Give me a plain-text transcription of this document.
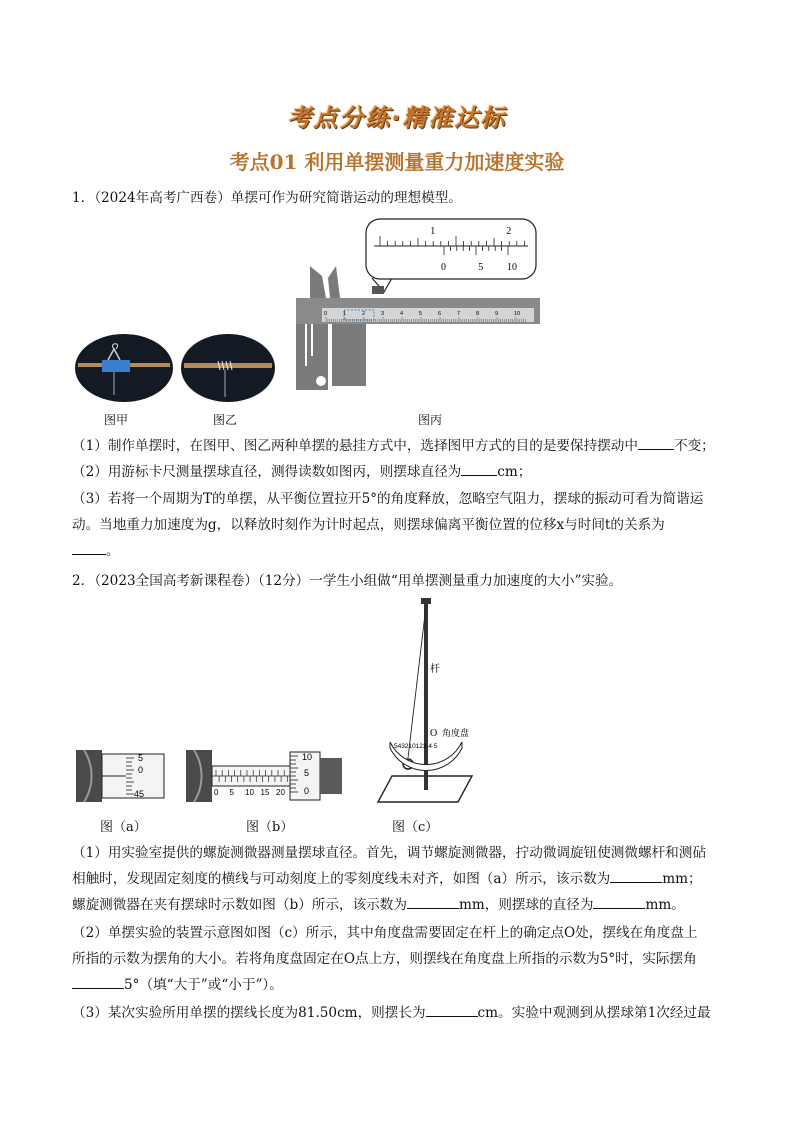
考点分练·精准达标
考点01 利用单摆测量重力加速度实验
1．（2024年高考广西卷）单摆可作为研究简谐运动的理想模型。
图甲	图乙
1	2
0	5 10
0	1	2	3	4	5	6	7	8	9	10
图丙
（1）制作单摆时，在图甲、图乙两种单摆的悬挂方式中，选择图甲方式的目的是要保持摆动中	不变；
（2）用游标卡尺测量摆球直径，测得读数如图丙，则摆球直径为	cm；
（3）若将一个周期为T的单摆，从平衡位置拉开5°的角度释放，忽略空气阻力，摆球的振动可看为简谐运
动。当地重力加速度为g，以释放时刻作为计时起点，则摆球偏离平衡位置的位移x与时间t的关系为
。
2．（2023全国高考新课程卷）（12分）一学生小组做“用单摆测量重力加速度的大小”实验。
5
0
45
图（a）
0 5 10 15 20
10
5
0
图（b）
杆
O 角度盘
543210123 4 5
图（c）
（1）用实验室提供的螺旋测微器测量摆球直径。首先，调节螺旋测微器，拧动微调旋钮使测微螺杆和测砧
相触时，发现固定刻度的横线与可动刻度上的零刻度线未对齐，如图（a）所示，该示数为	mm；
螺旋测微器在夹有摆球时示数如图（b）所示，该示数为	mm，则摆球的直径为	mm。
（2）单摆实验的装置示意图如图（c）所示，其中角度盘需要固定在杆上的确定点O处，摆线在角度盘上
所指的示数为摆角的大小。若将角度盘固定在O点上方，则摆线在角度盘上所指的示数为5°时，实际摆角
5°（填“大于”或“小于”）。
（3）某次实验所用单摆的摆线长度为81.50cm，则摆长为	cm。实验中观测到从摆球第1次经过最
